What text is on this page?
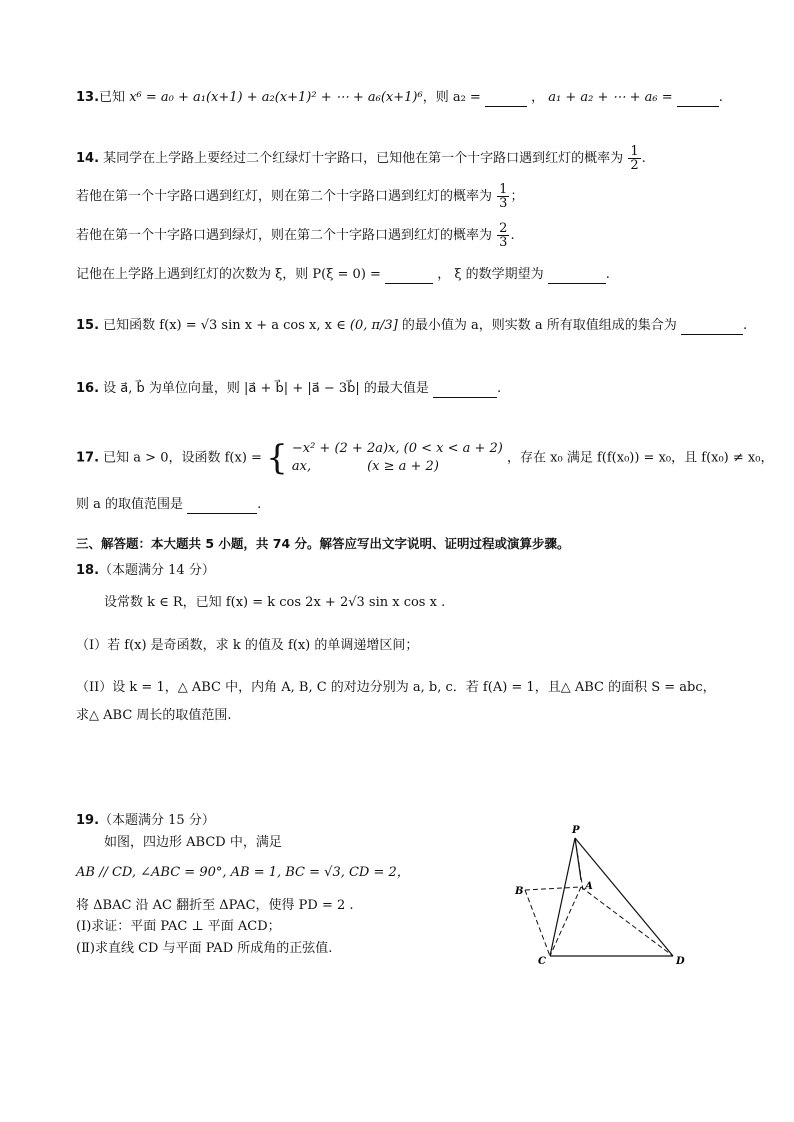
13.已知 x⁶ = a₀ + a₁(x+1) + a₂(x+1)² + ⋯ + a₆(x+1)⁶，则 a₂ =	， a₁ + a₂ + ⋯ + a₆ =	.
14. 某同学在上学路上要经过二个红绿灯十字路口，已知他在第一个十字路口遇到红灯的概率为 $\frac{1}{2}$ .
若他在第一个十字路口遇到红灯，则在第二个十字路口遇到红灯的概率为 $\frac{1}{3}$ ；
若他在第一个十字路口遇到绿灯，则在第二个十字路口遇到红灯的概率为 $\frac{2}{3}$ .
记他在上学路上遇到红灯的次数为 ξ，则 P(ξ = 0) =	， ξ 的数学期望为	.
15. 已知函数 f(x) = √3 sin x + a cos x, x ∈ (0, π/3] 的最小值为 a，则实数 a 所有取值组成的集合为	.
16. 设 a⃗, b⃗ 为单位向量，则 |a⃗ + b⃗| + |a⃗ − 3b⃗| 的最大值是	.
17. 已知 a > 0，设函数 f(x) = { −x² + (2 + 2a)x, (0 < x < a + 2)
ax,	(x ≥ a + 2)
，存在 x₀ 满足 f(f(x₀)) = x₀，且 f(x₀) ≠ x₀，
则 a 的取值范围是	.
三、解答题：本大题共 5 小题，共 74 分。解答应写出文字说明、证明过程或演算步骤。
18.（本题满分 14 分）
设常数 k ∈ R，已知 f(x) = k cos 2x + 2√3 sin x cos x .
（I）若 f(x) 是奇函数，求 k 的值及 f(x) 的单调递增区间；
（II）设 k = 1，△ ABC 中，内角 A, B, C 的对边分别为 a, b, c．若 f(A) = 1，且△ ABC 的面积 S = abc，
求△ ABC 周长的取值范围.
19.（本题满分 15 分）
如图，四边形 ABCD 中，满足
AB // CD, ∠ABC = 90°, AB = 1, BC = √3, CD = 2，
将 ΔBAC 沿 AC 翻折至 ΔPAC，使得 PD = 2 .
(Ⅰ)求证：平面 PAC ⊥ 平面 ACD；
(Ⅱ)求直线 CD 与平面 PAD 所成角的正弦值.
P
B	A
C	D
